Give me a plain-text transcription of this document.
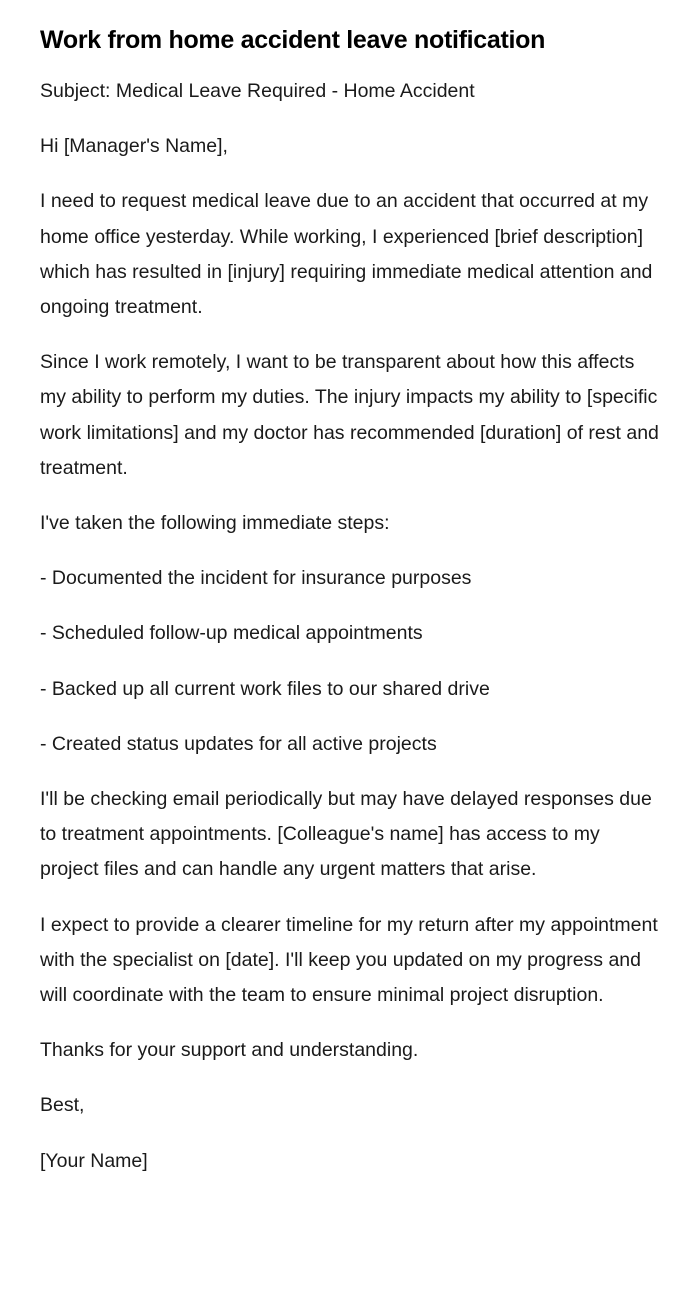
Work from home accident leave notification

Subject: Medical Leave Required - Home Accident

Hi [Manager's Name],

I need to request medical leave due to an accident that occurred at my home office yesterday. While working, I experienced [brief description] which has resulted in [injury] requiring immediate medical attention and ongoing treatment.

Since I work remotely, I want to be transparent about how this affects my ability to perform my duties. The injury impacts my ability to [specific work limitations] and my doctor has recommended [duration] of rest and treatment.

I've taken the following immediate steps:

- Documented the incident for insurance purposes

- Scheduled follow-up medical appointments

- Backed up all current work files to our shared drive

- Created status updates for all active projects

I'll be checking email periodically but may have delayed responses due to treatment appointments. [Colleague's name] has access to my project files and can handle any urgent matters that arise.

I expect to provide a clearer timeline for my return after my appointment with the specialist on [date]. I'll keep you updated on my progress and will coordinate with the team to ensure minimal project disruption.

Thanks for your support and understanding.

Best,

[Your Name]
